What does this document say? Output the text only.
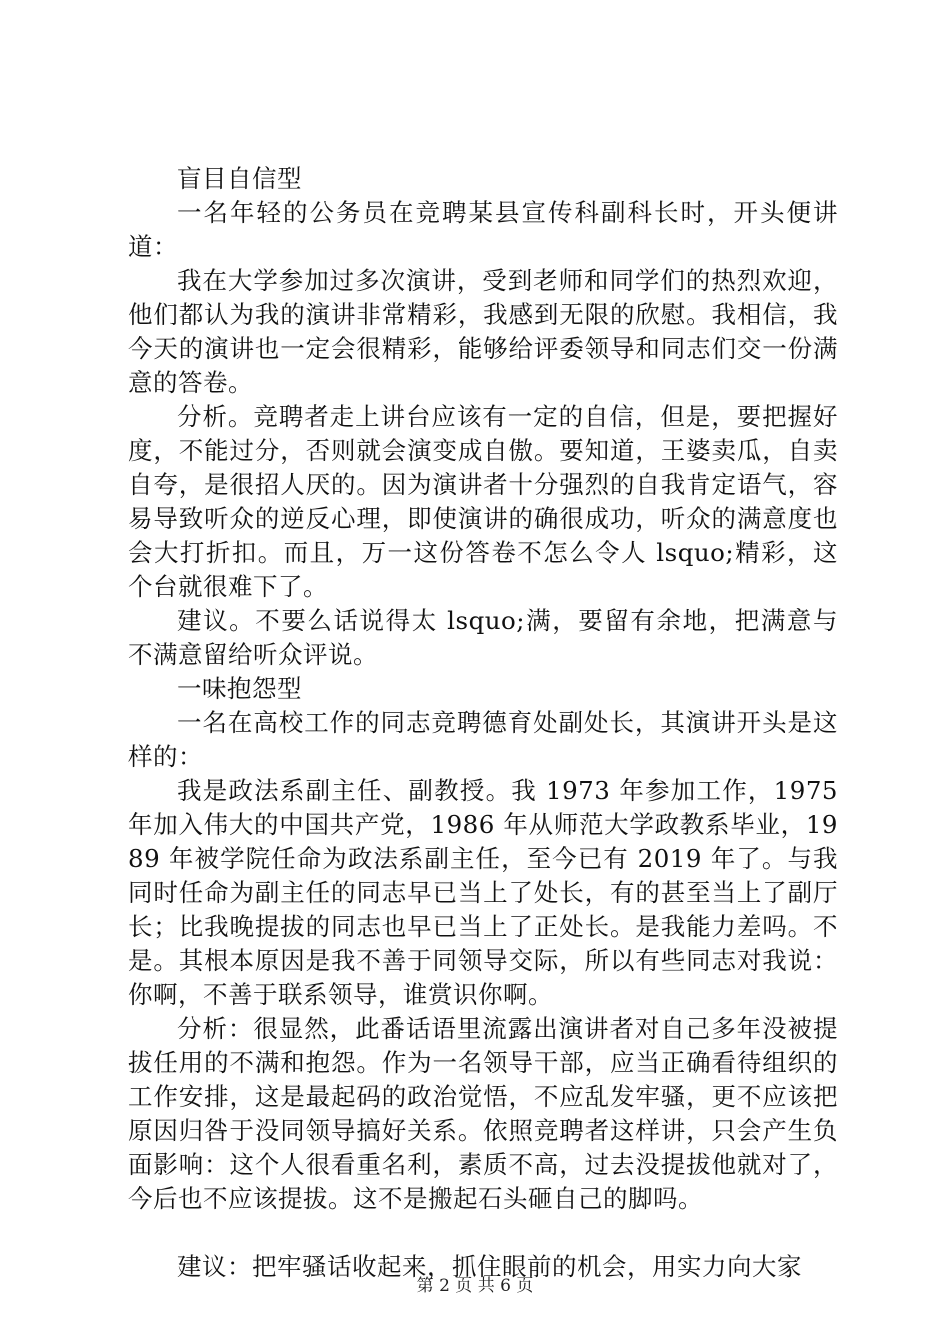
盲目自信型

一名年轻的公务员在竞聘某县宣传科副科长时，开头便讲道：

我在大学参加过多次演讲，受到老师和同学们的热烈欢迎，他们都认为我的演讲非常精彩，我感到无限的欣慰。我相信，我今天的演讲也一定会很精彩，能够给评委领导和同志们交一份满意的答卷。

分析。竞聘者走上讲台应该有一定的自信，但是，要把握好度，不能过分，否则就会演变成自傲。要知道，王婆卖瓜，自卖自夸，是很招人厌的。因为演讲者十分强烈的自我肯定语气，容易导致听众的逆反心理，即使演讲的确很成功，听众的满意度也会大打折扣。而且，万一这份答卷不怎么令人 lsquo;精彩，这个台就很难下了。

建议。不要么话说得太 lsquo;满，要留有余地，把满意与不满意留给听众评说。

一味抱怨型

一名在高校工作的同志竞聘德育处副处长，其演讲开头是这样的：

我是政法系副主任、副教授。我 1973 年参加工作，1975 年加入伟大的中国共产党，1986 年从师范大学政教系毕业，1989 年被学院任命为政法系副主任，至今已有 2019 年了。与我同时任命为副主任的同志早已当上了处长，有的甚至当上了副厅长；比我晚提拔的同志也早已当上了正处长。是我能力差吗。不是。其根本原因是我不善于同领导交际，所以有些同志对我说：你啊，不善于联系领导，谁赏识你啊。

分析：很显然，此番话语里流露出演讲者对自己多年没被提拔任用的不满和抱怨。作为一名领导干部，应当正确看待组织的工作安排，这是最起码的政治觉悟，不应乱发牢骚，更不应该把原因归咎于没同领导搞好关系。依照竞聘者这样讲，只会产生负面影响：这个人很看重名利，素质不高，过去没提拔他就对了，今后也不应该提拔。这不是搬起石头砸自己的脚吗。

建议：把牢骚话收起来，抓住眼前的机会，用实力向大家

第 2 页 共 6 页
